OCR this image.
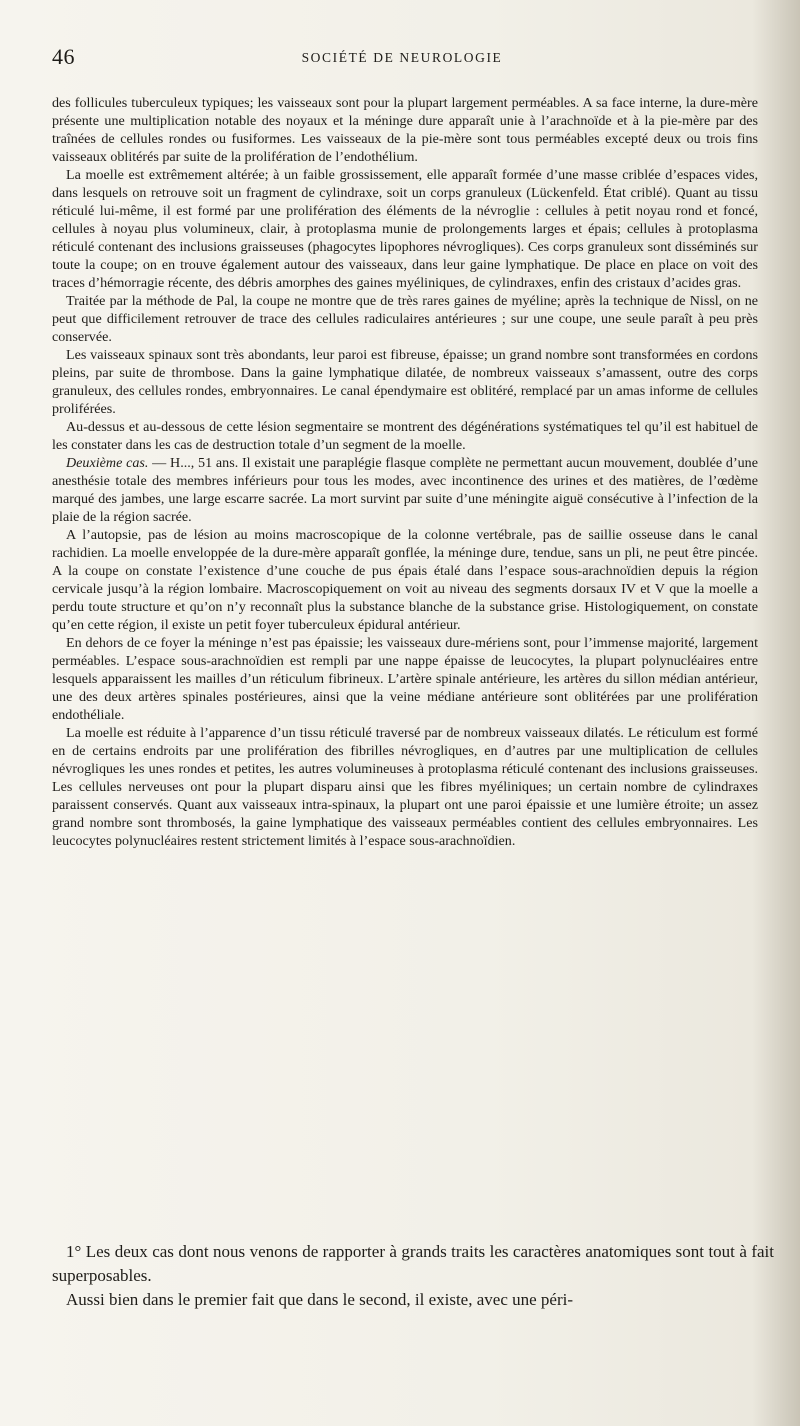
46	SOCIÉTÉ DE NEUROLOGIE

des follicules tuberculeux typiques; les vaisseaux sont pour la plupart largement perméables. A sa face interne, la dure-mère présente une multiplication notable des noyaux et la méninge dure apparaît unie à l’arachnoïde et à la pie-mère par des traînées de cellules rondes ou fusiformes. Les vaisseaux de la pie-mère sont tous perméables excepté deux ou trois fins vaisseaux oblitérés par suite de la prolifération de l’endothélium.

La moelle est extrêmement altérée; à un faible grossissement, elle apparaît formée d’une masse criblée d’espaces vides, dans lesquels on retrouve soit un fragment de cylindraxe, soit un corps granuleux (Lückenfeld. État criblé). Quant au tissu réticulé lui-même, il est formé par une prolifération des éléments de la névroglie : cellules à petit noyau rond et foncé, cellules à noyau plus volumineux, clair, à protoplasma munie de prolongements larges et épais; cellules à protoplasma réticulé contenant des inclusions graisseuses (phagocytes lipophores névrogliques). Ces corps granuleux sont disséminés sur toute la coupe; on en trouve également autour des vaisseaux, dans leur gaine lymphatique. De place en place on voit des traces d’hémorragie récente, des débris amorphes des gaines myéliniques, de cylindraxes, enfin des cristaux d’acides gras.

Traitée par la méthode de Pal, la coupe ne montre que de très rares gaines de myéline; après la technique de Nissl, on ne peut que difficilement retrouver de trace des cellules radiculaires antérieures ; sur une coupe, une seule paraît à peu près conservée.

Les vaisseaux spinaux sont très abondants, leur paroi est fibreuse, épaisse; un grand nombre sont transformées en cordons pleins, par suite de thrombose. Dans la gaine lymphatique dilatée, de nombreux vaisseaux s’amassent, outre des corps granuleux, des cellules rondes, embryonnaires. Le canal épendymaire est oblitéré, remplacé par un amas informe de cellules proliférées.

Au-dessus et au-dessous de cette lésion segmentaire se montrent des dégénérations systématiques tel qu’il est habituel de les constater dans les cas de destruction totale d’un segment de la moelle.

Deuxième cas. — H..., 51 ans. Il existait une paraplégie flasque complète ne permettant aucun mouvement, doublée d’une anesthésie totale des membres inférieurs pour tous les modes, avec incontinence des urines et des matières, de l’œdème marqué des jambes, une large escarre sacrée. La mort survint par suite d’une méningite aiguë consécutive à l’infection de la plaie de la région sacrée.

A l’autopsie, pas de lésion au moins macroscopique de la colonne vertébrale, pas de saillie osseuse dans le canal rachidien. La moelle enveloppée de la dure-mère apparaît gonflée, la méninge dure, tendue, sans un pli, ne peut être pincée. A la coupe on constate l’existence d’une couche de pus épais étalé dans l’espace sous-arachnoïdien depuis la région cervicale jusqu’à la région lombaire. Macroscopiquement on voit au niveau des segments dorsaux IV et V que la moelle a perdu toute structure et qu’on n’y reconnaît plus la substance blanche de la substance grise. Histologiquement, on constate qu’en cette région, il existe un petit foyer tuberculeux épidural antérieur.

En dehors de ce foyer la méninge n’est pas épaissie; les vaisseaux dure-mériens sont, pour l’immense majorité, largement perméables. L’espace sous-arachnoïdien est rempli par une nappe épaisse de leucocytes, la plupart polynucléaires entre lesquels apparaissent les mailles d’un réticulum fibrineux. L’artère spinale antérieure, les artères du sillon médian antérieur, une des deux artères spinales postérieures, ainsi que la veine médiane antérieure sont oblitérées par une prolifération endothéliale.

La moelle est réduite à l’apparence d’un tissu réticulé traversé par de nombreux vaisseaux dilatés. Le réticulum est formé en de certains endroits par une prolifération des fibrilles névrogliques, en d’autres par une multiplication de cellules névrogliques les unes rondes et petites, les autres volumineuses à protoplasma réticulé contenant des inclusions graisseuses. Les cellules nerveuses ont pour la plupart disparu ainsi que les fibres myéliniques; un certain nombre de cylindraxes paraissent conservés. Quant aux vaisseaux intra-spinaux, la plupart ont une paroi épaissie et une lumière étroite; un assez grand nombre sont thrombosés, la gaine lymphatique des vaisseaux perméables contient des cellules embryonnaires. Les leucocytes polynucléaires restent strictement limités à l’espace sous-arachnoïdien.

1° Les deux cas dont nous venons de rapporter à grands traits les caractères anatomiques sont tout à fait superposables.

Aussi bien dans le premier fait que dans le second, il existe, avec une péri-
